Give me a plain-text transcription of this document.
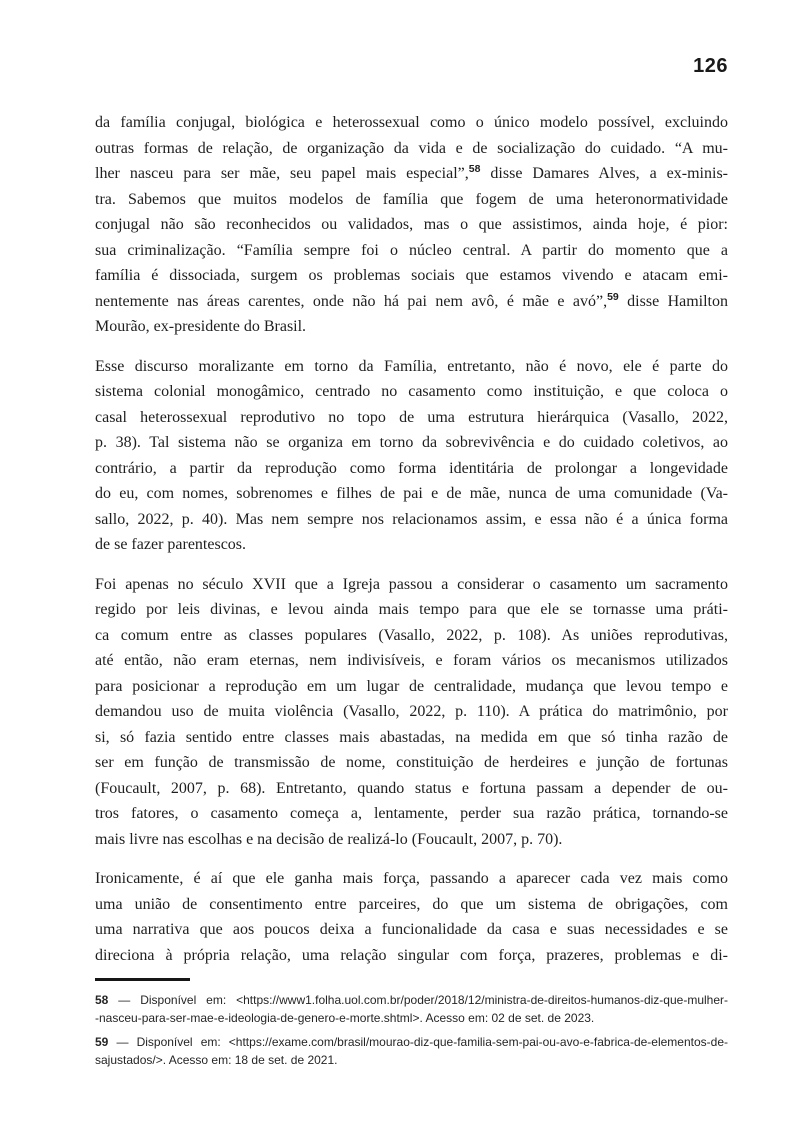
126
da família conjugal, biológica e heterossexual como o único modelo possível, excluindo
outras formas de relação, de organização da vida e de socialização do cuidado. “A mu-
lher nasceu para ser mãe, seu papel mais especial”,$^{58}$ disse Damares Alves, a ex-minis-
tra. Sabemos que muitos modelos de família que fogem de uma heteronormatividade
conjugal não são reconhecidos ou validados, mas o que assistimos, ainda hoje, é pior:
sua criminalização. “Família sempre foi o núcleo central. A partir do momento que a
família é dissociada, surgem os problemas sociais que estamos vivendo e atacam emi-
nentemente nas áreas carentes, onde não há pai nem avô, é mãe e avó”,$^{59}$ disse Hamilton
Mourão, ex-presidente do Brasil.
Esse discurso moralizante em torno da Família, entretanto, não é novo, ele é parte do
sistema colonial monogâmico, centrado no casamento como instituição, e que coloca o
casal heterossexual reprodutivo no topo de uma estrutura hierárquica (Vasallo, 2022,
p. 38). Tal sistema não se organiza em torno da sobrevivência e do cuidado coletivos, ao
contrário, a partir da reprodução como forma identitária de prolongar a longevidade
do eu, com nomes, sobrenomes e filhes de pai e de mãe, nunca de uma comunidade (Va-
sallo, 2022, p. 40). Mas nem sempre nos relacionamos assim, e essa não é a única forma
de se fazer parentescos.
Foi apenas no século XVII que a Igreja passou a considerar o casamento um sacramento
regido por leis divinas, e levou ainda mais tempo para que ele se tornasse uma práti-
ca comum entre as classes populares (Vasallo, 2022, p. 108). As uniões reprodutivas,
até então, não eram eternas, nem indivisíveis, e foram vários os mecanismos utilizados
para posicionar a reprodução em um lugar de centralidade, mudança que levou tempo e
demandou uso de muita violência (Vasallo, 2022, p. 110). A prática do matrimônio, por
si, só fazia sentido entre classes mais abastadas, na medida em que só tinha razão de
ser em função de transmissão de nome, constituição de herdeires e junção de fortunas
(Foucault, 2007, p. 68). Entretanto, quando status e fortuna passam a depender de ou-
tros fatores, o casamento começa a, lentamente, perder sua razão prática, tornando-se
mais livre nas escolhas e na decisão de realizá-lo (Foucault, 2007, p. 70).
Ironicamente, é aí que ele ganha mais força, passando a aparecer cada vez mais como
uma união de consentimento entre parceires, do que um sistema de obrigações, com
uma narrativa que aos poucos deixa a funcionalidade da casa e suas necessidades e se
direciona à própria relação, uma relação singular com força, prazeres, problemas e di-
58 — Disponível em: <https://www1.folha.uol.com.br/poder/2018/12/ministra-de-direitos-humanos-diz-que-mulher-
-nasceu-para-ser-mae-e-ideologia-de-genero-e-morte.shtml>. Acesso em: 02 de set. de 2023.
59 — Disponível em: <https://exame.com/brasil/mourao-diz-que-familia-sem-pai-ou-avo-e-fabrica-de-elementos-de-
sajustados/>. Acesso em: 18 de set. de 2021.
